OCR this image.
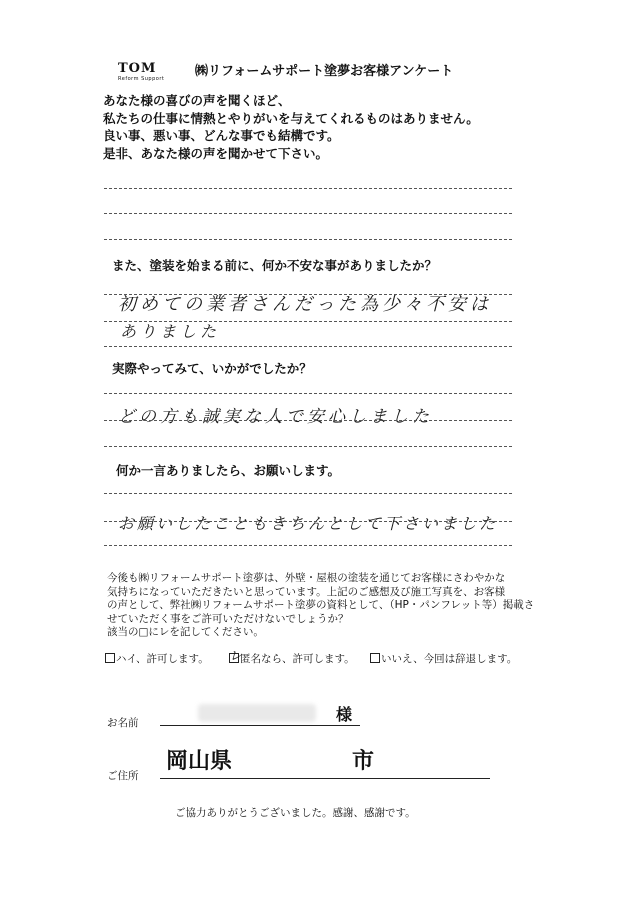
TOM
Reform Support	㈱リフォームサポート塗夢お客様アンケート
あなた様の喜びの声を聞くほど、
私たちの仕事に情熱とやりがいを与えてくれるものはありません。
良い事、悪い事、どんな事でも結構です。
是非、あなた様の声を聞かせて下さい。
また、塗装を始まる前に、何か不安な事がありましたか？
初めての業者さんだった為少々不安は
ありました
実際やってみて、いかがでしたか？
どの方も誠実な人で安心しました
何か一言ありましたら、お願いします。
お願いしたこともきちんとして下さいました
今後も㈱リフォームサポート塗夢は、外壁・屋根の塗装を通じてお客様にさわやかな
気持ちになっていただきたいと思っています。上記のご感想及び施工写真を、お客様
の声として、弊社㈱リフォームサポート塗夢の資料として、（HP・パンフレット等）掲載さ
せていただく事をご許可いただけないでしょうか？
該当の□にレを記してください。
ハイ、許可します。 レ
匿名なら、許可します。	いいえ、今回は辞退します。
お名前	様
ご住所
岡山県	市
ご協力ありがとうございました。感謝、感謝です。
